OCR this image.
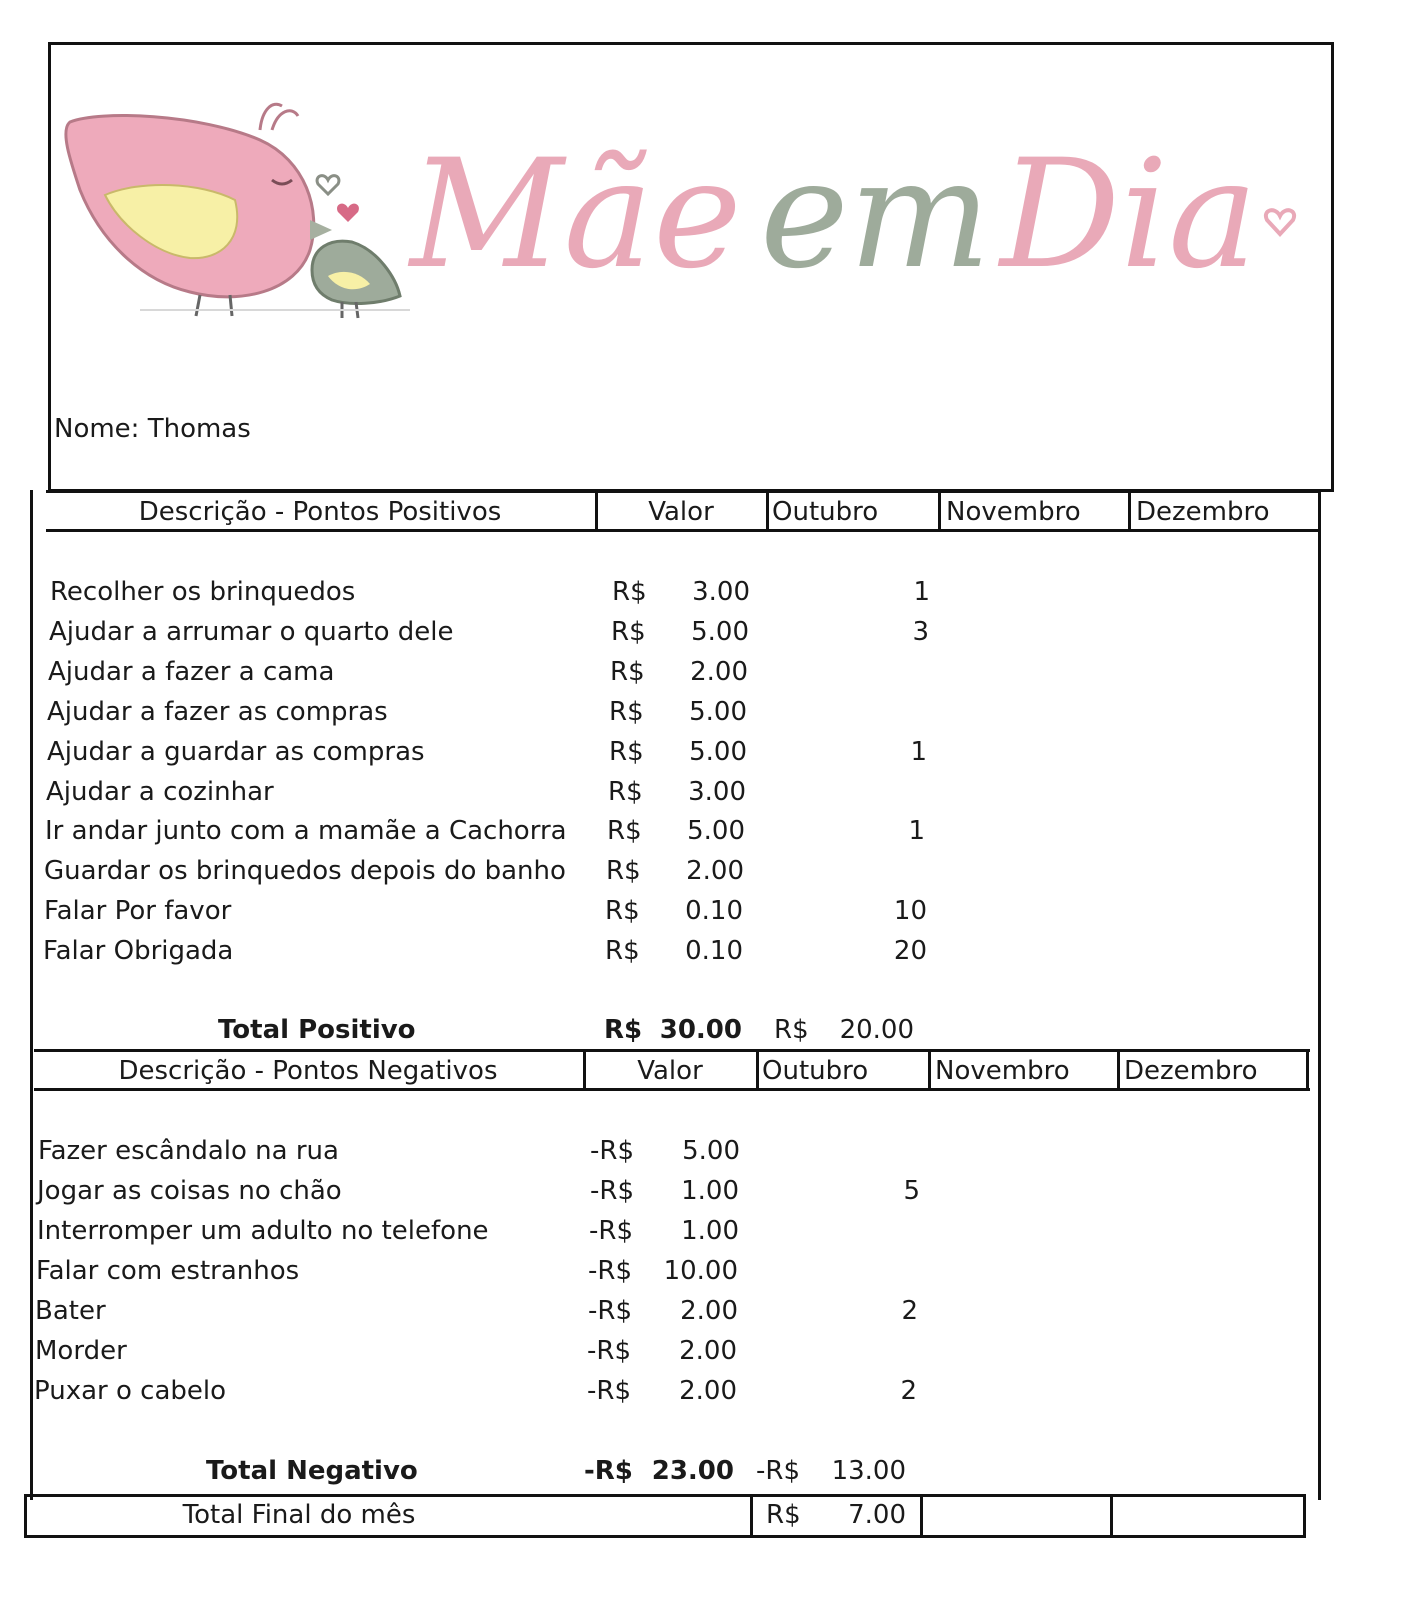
Mãe em Dia
Nome: Thomas
Descrição - Pontos Positivos	Valor	Outubro	Novembro Dezembro
Recolher os brinquedos	R$	3.00	1
Ajudar a arrumar o quarto dele	R$	5.00	3
Ajudar a fazer a cama	R$	2.00
Ajudar a fazer as compras	R$	5.00
Ajudar a guardar as compras	R$	5.00	1
Ajudar a cozinhar	R$	3.00
Ir andar junto com a mamãe a Cachorra R$	5.00	1
Guardar os brinquedos depois do banho R$	2.00
Falar Por favor	R$	0.10	10
Falar Obrigada	R$	0.10	20
Total Positivo	R$ 30.00 R$	20.00
Descrição - Pontos Negativos	Valor	Outubro	Novembro Dezembro
Fazer escândalo na rua	-R$	5.00
Jogar as coisas no chão	-R$	1.00	5
Interromper um adulto no telefone	-R$	1.00
Falar com estranhos	-R$	10.00
Bater	-R$	2.00	2
Morder	-R$	2.00
Puxar o cabelo	-R$	2.00	2
Total Negativo	-R$ 23.00 -R$	13.00
Total Final do mês	R$	7.00
